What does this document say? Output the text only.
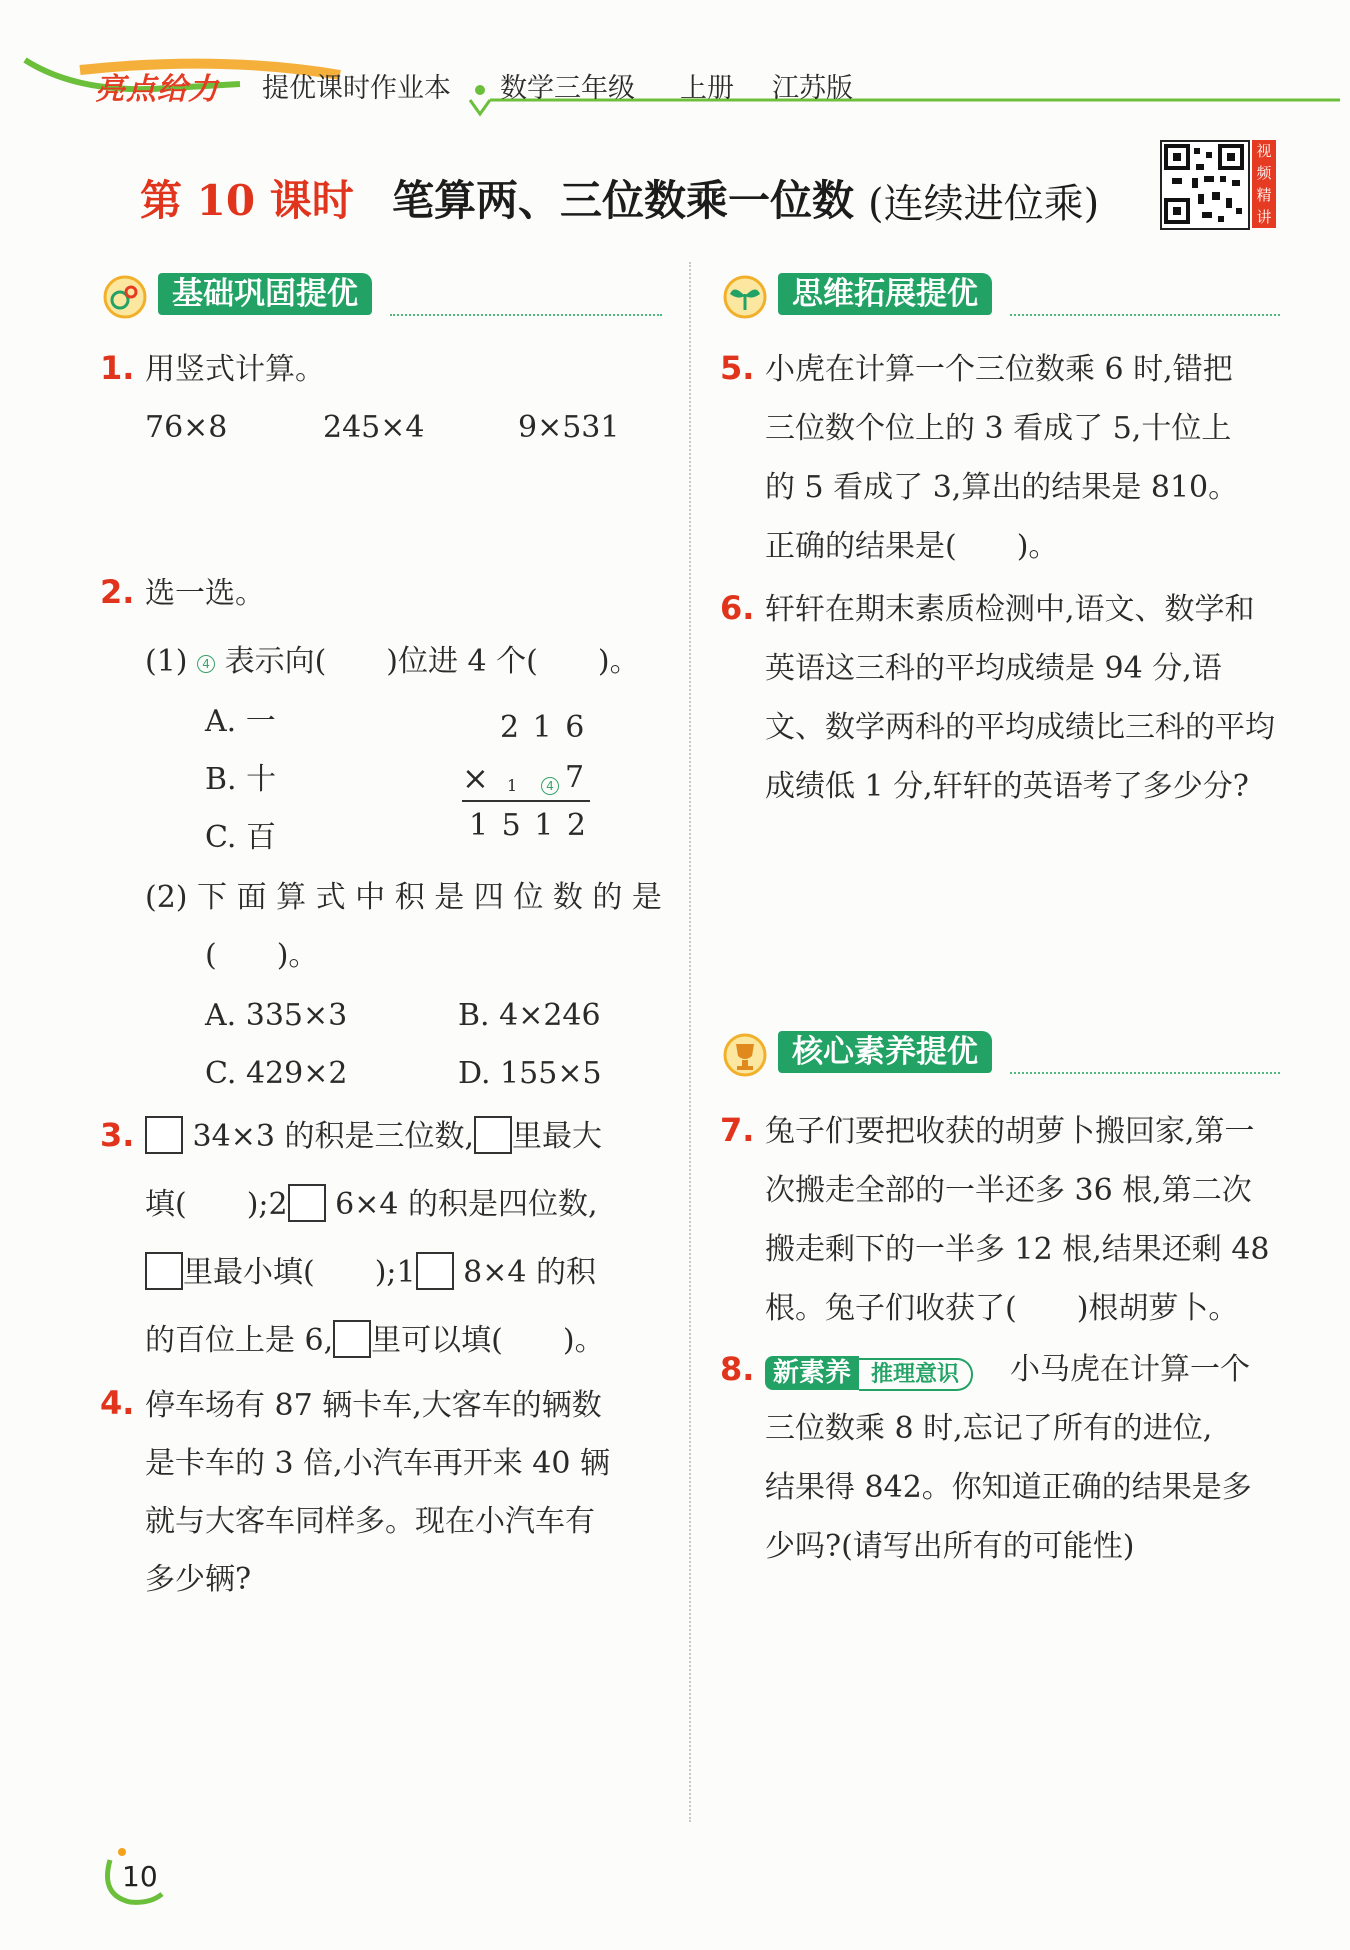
亮点给力 提优课时作业本 数学三年级 上册 江苏版
第 10 课时 笔算两、三位数乘一位数 (连续进位乘)
视频精讲
基础巩固提优	思维拓展提优
核心素养提优
1. 用竖式计算。
76×8	245×4	9×531
2. 选一选。
(1) 4 表示向(　　)位进 4 个(　　)。
A. 一
B. 十
C. 百
2 1 6
× 1	4 7
1 5 1 2
(2) 下 面 算 式 中 积 是 四 位 数 的 是
(　　)。
A. 335×3	B. 4×246
C. 429×2	D. 155×5
3.	34×3 的积是三位数, 里最大
填(　　);2 6×4 的积是四位数,
里最小填(　　);1 8×4 的积
的百位上是 6, 里可以填(　　)。
4. 停车场有 87 辆卡车,大客车的辆数
是卡车的 3 倍,小汽车再开来 40 辆
就与大客车同样多。现在小汽车有
多少辆?
5. 小虎在计算一个三位数乘 6 时,错把
三位数个位上的 3 看成了 5,十位上
的 5 看成了 3,算出的结果是 810。
正确的结果是(　　)。
6. 轩轩在期末素质检测中,语文、数学和
英语这三科的平均成绩是 94 分,语
文、数学两科的平均成绩比三科的平均
成绩低 1 分,轩轩的英语考了多少分?
7. 兔子们要把收获的胡萝卜搬回家,第一
次搬走全部的一半还多 36 根,第二次
搬走剩下的一半多 12 根,结果还剩 48
根。兔子们收获了(　　)根胡萝卜。
8. 新素养 推理意识	小马虎在计算一个
三位数乘 8 时,忘记了所有的进位,
结果得 842。你知道正确的结果是多
少吗?(请写出所有的可能性)
10
